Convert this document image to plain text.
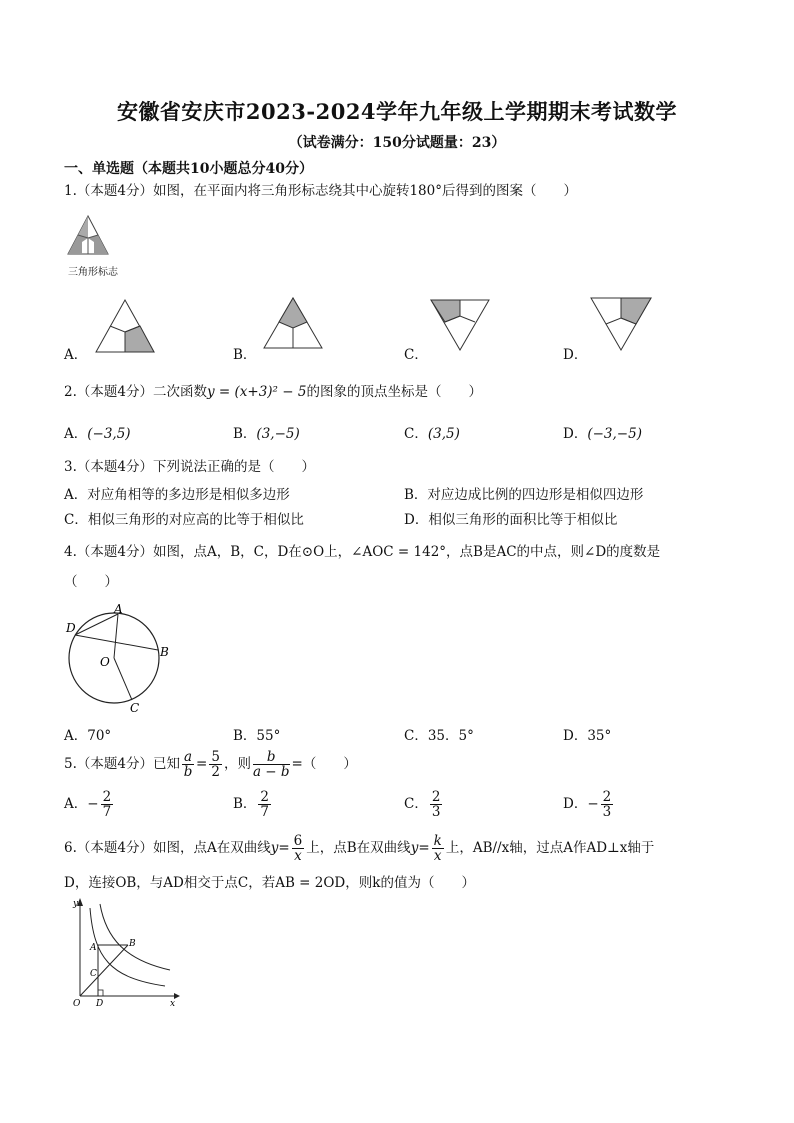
安徽省安庆市2023-2024学年九年级上学期期末考试数学
（试卷满分：150分试题量：23）
一、单选题（本题共10小题总分40分）
1.（本题4分）如图，在平面内将三角形标志绕其中心旋转180°后得到的图案（　　）
三角形标志
A．	B．	C．	D．
2.（本题4分）二次函数y = (x+3)² − 5的图象的顶点坐标是（　　）
A．(−3,5)	B．(3,−5)	C．(3,5)	D．(−3,−5)
3.（本题4分）下列说法正确的是（　　）
A．对应角相等的多边形是相似多边形	B．对应边成比例的四边形是相似四边形
C．相似三角形的对应高的比等于相似比	D．相似三角形的面积比等于相似比
4.（本题4分）如图，点A，B，C，D在⊙O上，∠AOC = 142°，点B是AC的中点，则∠D的度数是
（　　）
A
D
B
O
C
A．70°	B．55°	C．35．5°	D．35°
5.（本题4分）已知 $\frac{a}{b} = \frac{5}{2}$ ，则 $\frac{b}{a - b}$ =（　　）
A．− $\frac{2}{7}$	B． $\frac{2}{7}$	C． $\frac{2}{3}$	D．− $\frac{2}{3}$
6.（本题4分）如图，点A在双曲线$y= \frac{6}{x}$ 上，点B在双曲线$y= \frac{k}{x}$ 上，AB//x轴，过点A作AD⊥x轴于
D，连接OB，与AD相交于点C，若AB = 2OD，则k的值为（　　）
y
x
A	B
C
O D
